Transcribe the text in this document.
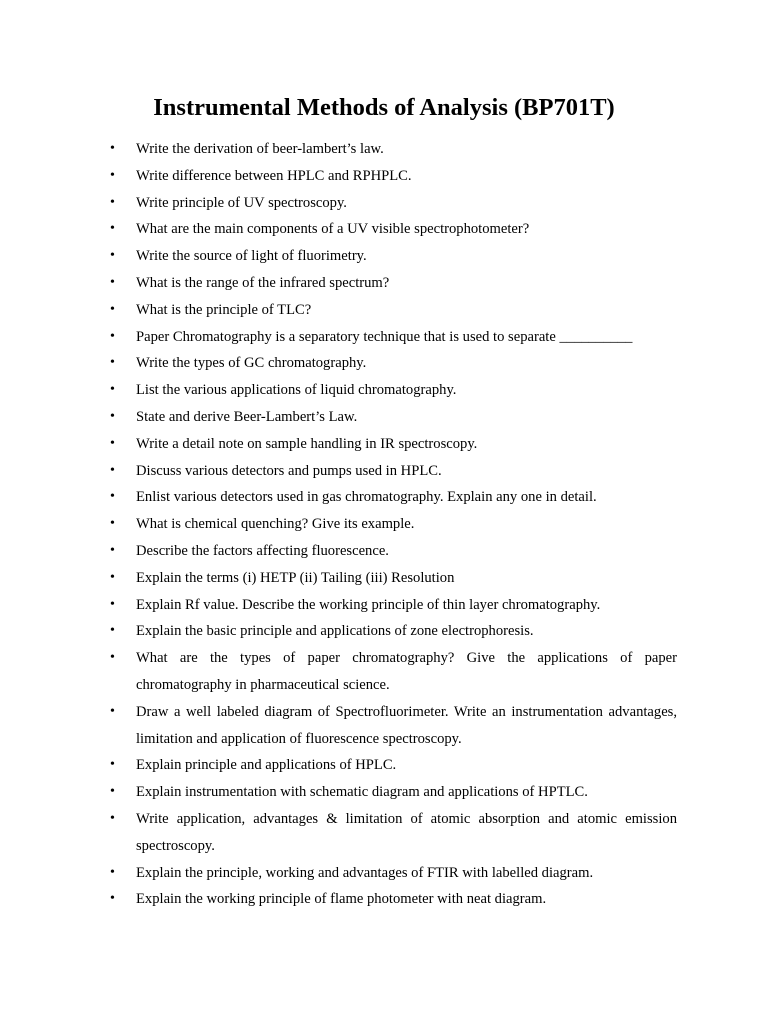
Instrumental Methods of Analysis (BP701T)
•	Write the derivation of beer-lambert’s law.
•	Write difference between HPLC and RPHPLC.
•	Write principle of UV spectroscopy.
•	What are the main components of a UV visible spectrophotometer?
•	Write the source of light of fluorimetry.
•	What is the range of the infrared spectrum?
•	What is the principle of TLC?
•	Paper Chromatography is a separatory technique that is used to separate __________
•	Write the types of GC chromatography.
•	List the various applications of liquid chromatography.
•	State and derive Beer-Lambert’s Law.
•	Write a detail note on sample handling in IR spectroscopy.
•	Discuss various detectors and pumps used in HPLC.
•	Enlist various detectors used in gas chromatography. Explain any one in detail.
•	What is chemical quenching? Give its example.
•	Describe the factors affecting fluorescence.
•	Explain the terms (i) HETP (ii) Tailing (iii) Resolution
•	Explain Rf value. Describe the working principle of thin layer chromatography.
•	Explain the basic principle and applications of zone electrophoresis.
•	What are the types of paper chromatography? Give the applications of paper chromatography in pharmaceutical science.
•	Draw a well labeled diagram of Spectrofluorimeter. Write an instrumentation advantages, limitation and application of fluorescence spectroscopy.
•	Explain principle and applications of HPLC.
•	Explain instrumentation with schematic diagram and applications of HPTLC.
•	Write application, advantages & limitation of atomic absorption and atomic emission spectroscopy.
•	Explain the principle, working and advantages of FTIR with labelled diagram.
•	Explain the working principle of flame photometer with neat diagram.
